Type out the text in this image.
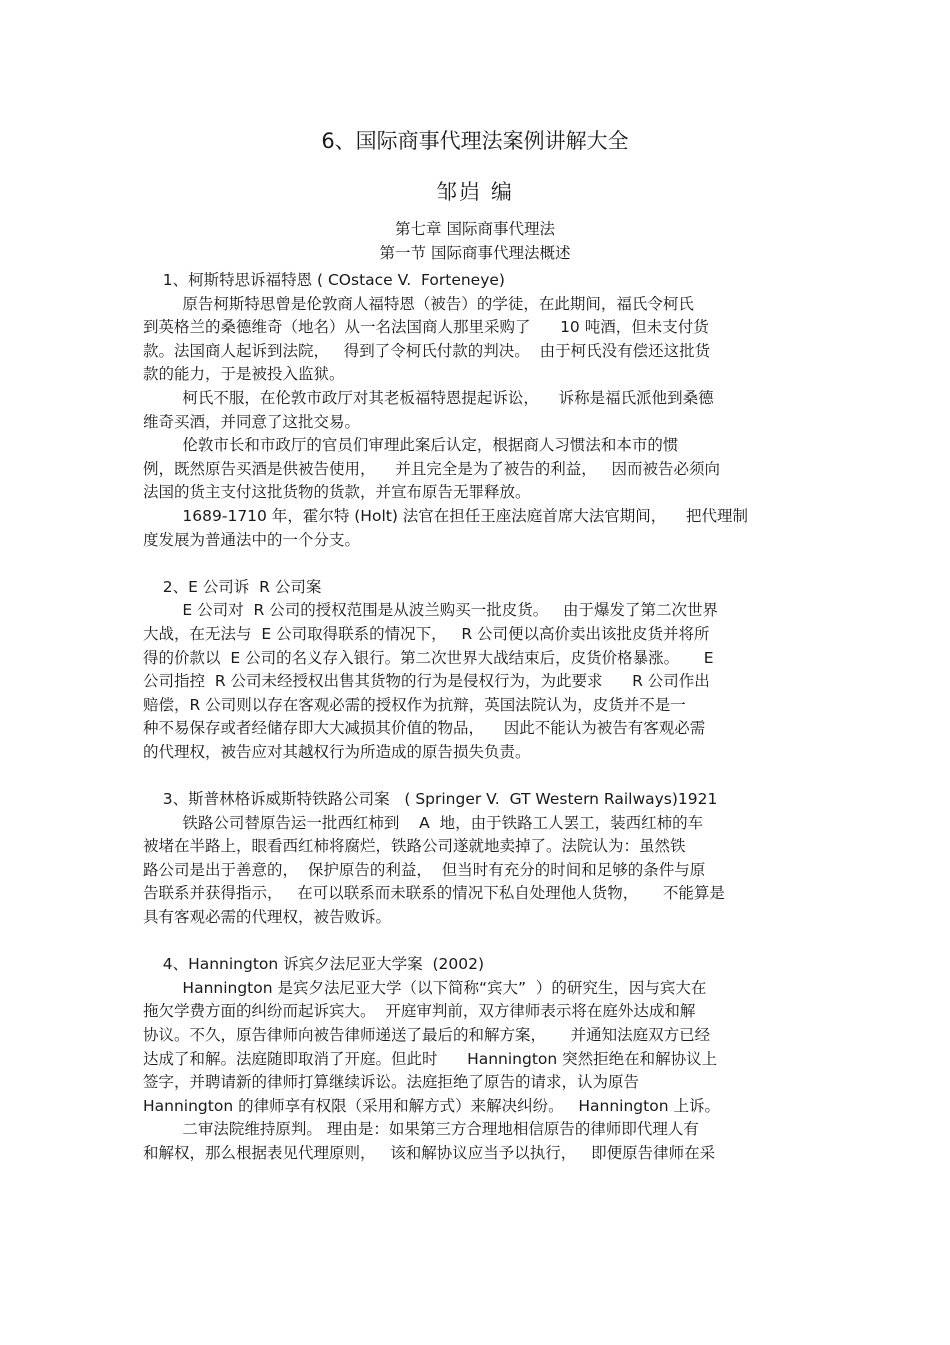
6、国际商事代理法案例讲解大全
邹岿 编
第七章 国际商事代理法
第一节 国际商事代理法概述
1、柯斯特思诉福特恩 ( COstace V.  Forteneye)
原告柯斯特思曾是伦敦商人福特恩（被告）的学徒，在此期间，福氏令柯氏
到英格兰的桑德维奇（地名）从一名法国商人那里采购了      10 吨酒，但未支付货
款。法国商人起诉到法院，   得到了令柯氏付款的判决。  由于柯氏没有偿还这批货
款的能力，于是被投入监狱。
柯氏不服，在伦敦市政厅对其老板福特恩提起诉讼，    诉称是福氏派他到桑德
维奇买酒，并同意了这批交易。
伦敦市长和市政厅的官员们审理此案后认定，根据商人习惯法和本市的惯
例，既然原告买酒是供被告使用，    并且完全是为了被告的利益，   因而被告必须向
法国的货主支付这批货物的货款，并宣布原告无罪释放。
1689-1710 年，霍尔特 (Holt) 法官在担任王座法庭首席大法官期间，    把代理制
度发展为普通法中的一个分支。
2、E 公司诉  R 公司案
E 公司对  R 公司的授权范围是从波兰购买一批皮货。   由于爆发了第二次世界
大战，在无法与  E 公司取得联系的情况下，   R 公司便以高价卖出该批皮货并将所
得的价款以  E 公司的名义存入银行。第二次世界大战结束后，皮货价格暴涨。     E
公司指控  R 公司未经授权出售其货物的行为是侵权行为，为此要求      R 公司作出
赔偿，R 公司则以存在客观必需的授权作为抗辩，英国法院认为，皮货并不是一
种不易保存或者经储存即大大减损其价值的物品，    因此不能认为被告有客观必需
的代理权，被告应对其越权行为所造成的原告损失负责。
3、斯普林格诉威斯特铁路公司案   ( Springer V.  GT Western Railways)1921
铁路公司替原告运一批西红柿到    A  地，由于铁路工人罢工，装西红柿的车
被堵在半路上，眼看西红柿将腐烂，铁路公司遂就地卖掉了。法院认为：虽然铁
路公司是出于善意的，  保护原告的利益，  但当时有充分的时间和足够的条件与原
告联系并获得指示，   在可以联系而未联系的情况下私自处理他人货物，     不能算是
具有客观必需的代理权，被告败诉。
4、Hannington 诉宾夕法尼亚大学案  (2002)
Hannington 是宾夕法尼亚大学（以下简称“宾大”  ）的研究生，因与宾大在
拖欠学费方面的纠纷而起诉宾大。  开庭审判前，双方律师表示将在庭外达成和解
协议。不久，原告律师向被告律师递送了最后的和解方案，     并通知法庭双方已经
达成了和解。法庭随即取消了开庭。但此时      Hannington 突然拒绝在和解协议上
签字，并聘请新的律师打算继续诉讼。法庭拒绝了原告的请求，认为原告
Hannington 的律师享有权限（采用和解方式）来解决纠纷。   Hannington 上诉。
二审法院维持原判。 理由是：如果第三方合理地相信原告的律师即代理人有
和解权，那么根据表见代理原则，   该和解协议应当予以执行，   即便原告律师在采
